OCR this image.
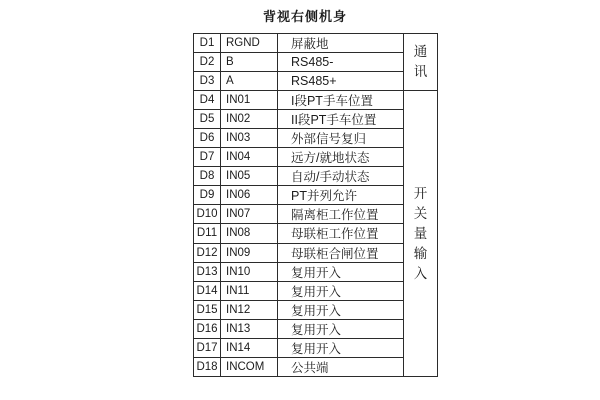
背视右侧机身
D1	RGND	屏蔽地	通讯

D2	B	RS485-	
D3	A	RS485+	
D4	IN01	I段PT手车位置	开关量输入

D5	IN02	II段PT手车位置	
D6	IN03	外部信号复归	
D7	IN04	远方/就地状态	
D8	IN05	自动/手动状态	
D9	IN06	PT并列允许	
D10	IN07	隔离柜工作位置	
D11	IN08	母联柜工作位置	
D12	IN09	母联柜合闸位置	
D13	IN10	复用开入	
D14	IN11	复用开入	
D15	IN12	复用开入	
D16	IN13	复用开入	
D17	IN14	复用开入	
D18	INCOM	公共端	
